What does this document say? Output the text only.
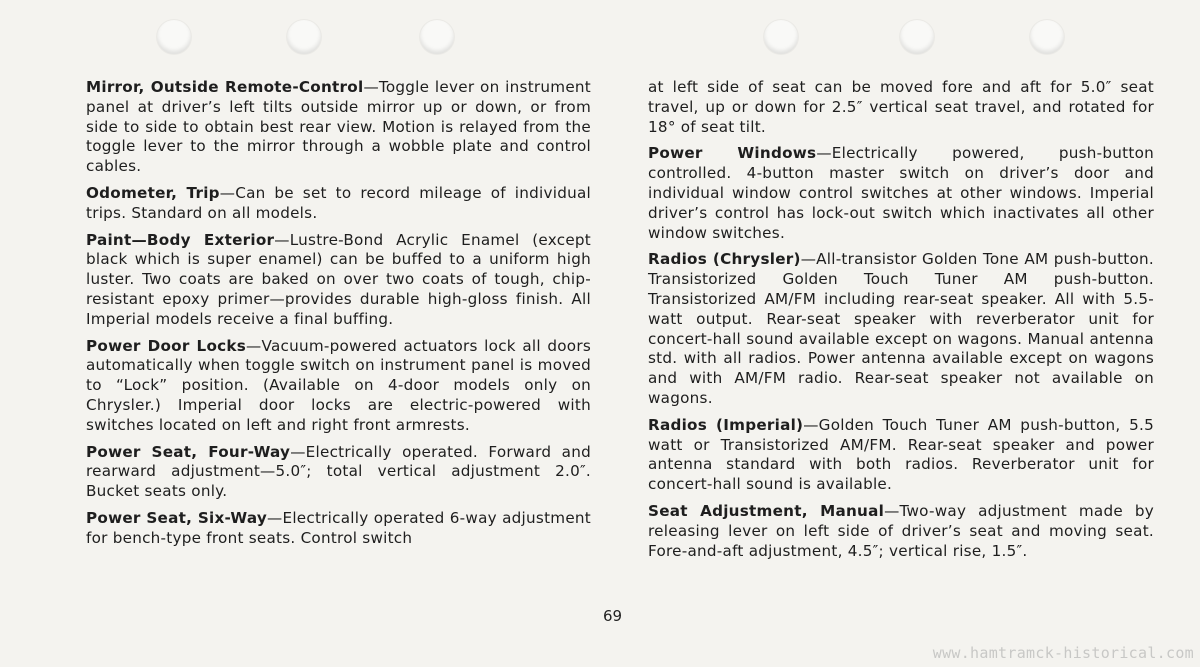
Mirror, Outside Remote-Control—Toggle lever on instrument panel at driver’s left tilts outside mirror up or down, or from side to side to obtain best rear view. Motion is relayed from the toggle lever to the mirror through a wobble plate and control cables.

Odometer, Trip—Can be set to record mileage of individual trips. Standard on all models.

Paint—Body Exterior—Lustre-Bond Acrylic Enamel (except black which is super enamel) can be buffed to a uniform high luster. Two coats are baked on over two coats of tough, chip-resistant epoxy primer—provides durable high-gloss finish. All Imperial models receive a final buffing.

Power Door Locks—Vacuum-powered actuators lock all doors automatically when toggle switch on instrument panel is moved to “Lock” position. (Available on 4-door models only on Chrysler.) Imperial door locks are electric-powered with switches located on left and right front armrests.

Power Seat, Four-Way—Electrically operated. Forward and rearward adjustment—5.0″; total vertical adjustment 2.0″. Bucket seats only.

Power Seat, Six-Way—Electrically operated 6-way adjustment for bench-type front seats. Control switch

at left side of seat can be moved fore and aft for 5.0″ seat travel, up or down for 2.5″ vertical seat travel, and rotated for 18° of seat tilt.

Power Windows—Electrically powered, push-button controlled. 4-button master switch on driver’s door and individual window control switches at other windows. Imperial driver’s control has lock-out switch which inactivates all other window switches.

Radios (Chrysler)—All-transistor Golden Tone AM push-button. Transistorized Golden Touch Tuner AM push-button. Transistorized AM/FM including rear-seat speaker. All with 5.5-watt output. Rear-seat speaker with reverberator unit for concert-hall sound available except on wagons. Manual antenna std. with all radios. Power antenna available except on wagons and with AM/FM radio. Rear-seat speaker not available on wagons.

Radios (Imperial)—Golden Touch Tuner AM push-button, 5.5 watt or Transistorized AM/FM. Rear-seat speaker and power antenna standard with both radios. Reverberator unit for concert-hall sound is available.

Seat Adjustment, Manual—Two-way adjustment made by releasing lever on left side of driver’s seat and moving seat. Fore-and-aft adjustment, 4.5″; vertical rise, 1.5″.

69
www.hamtramck-historical.com
